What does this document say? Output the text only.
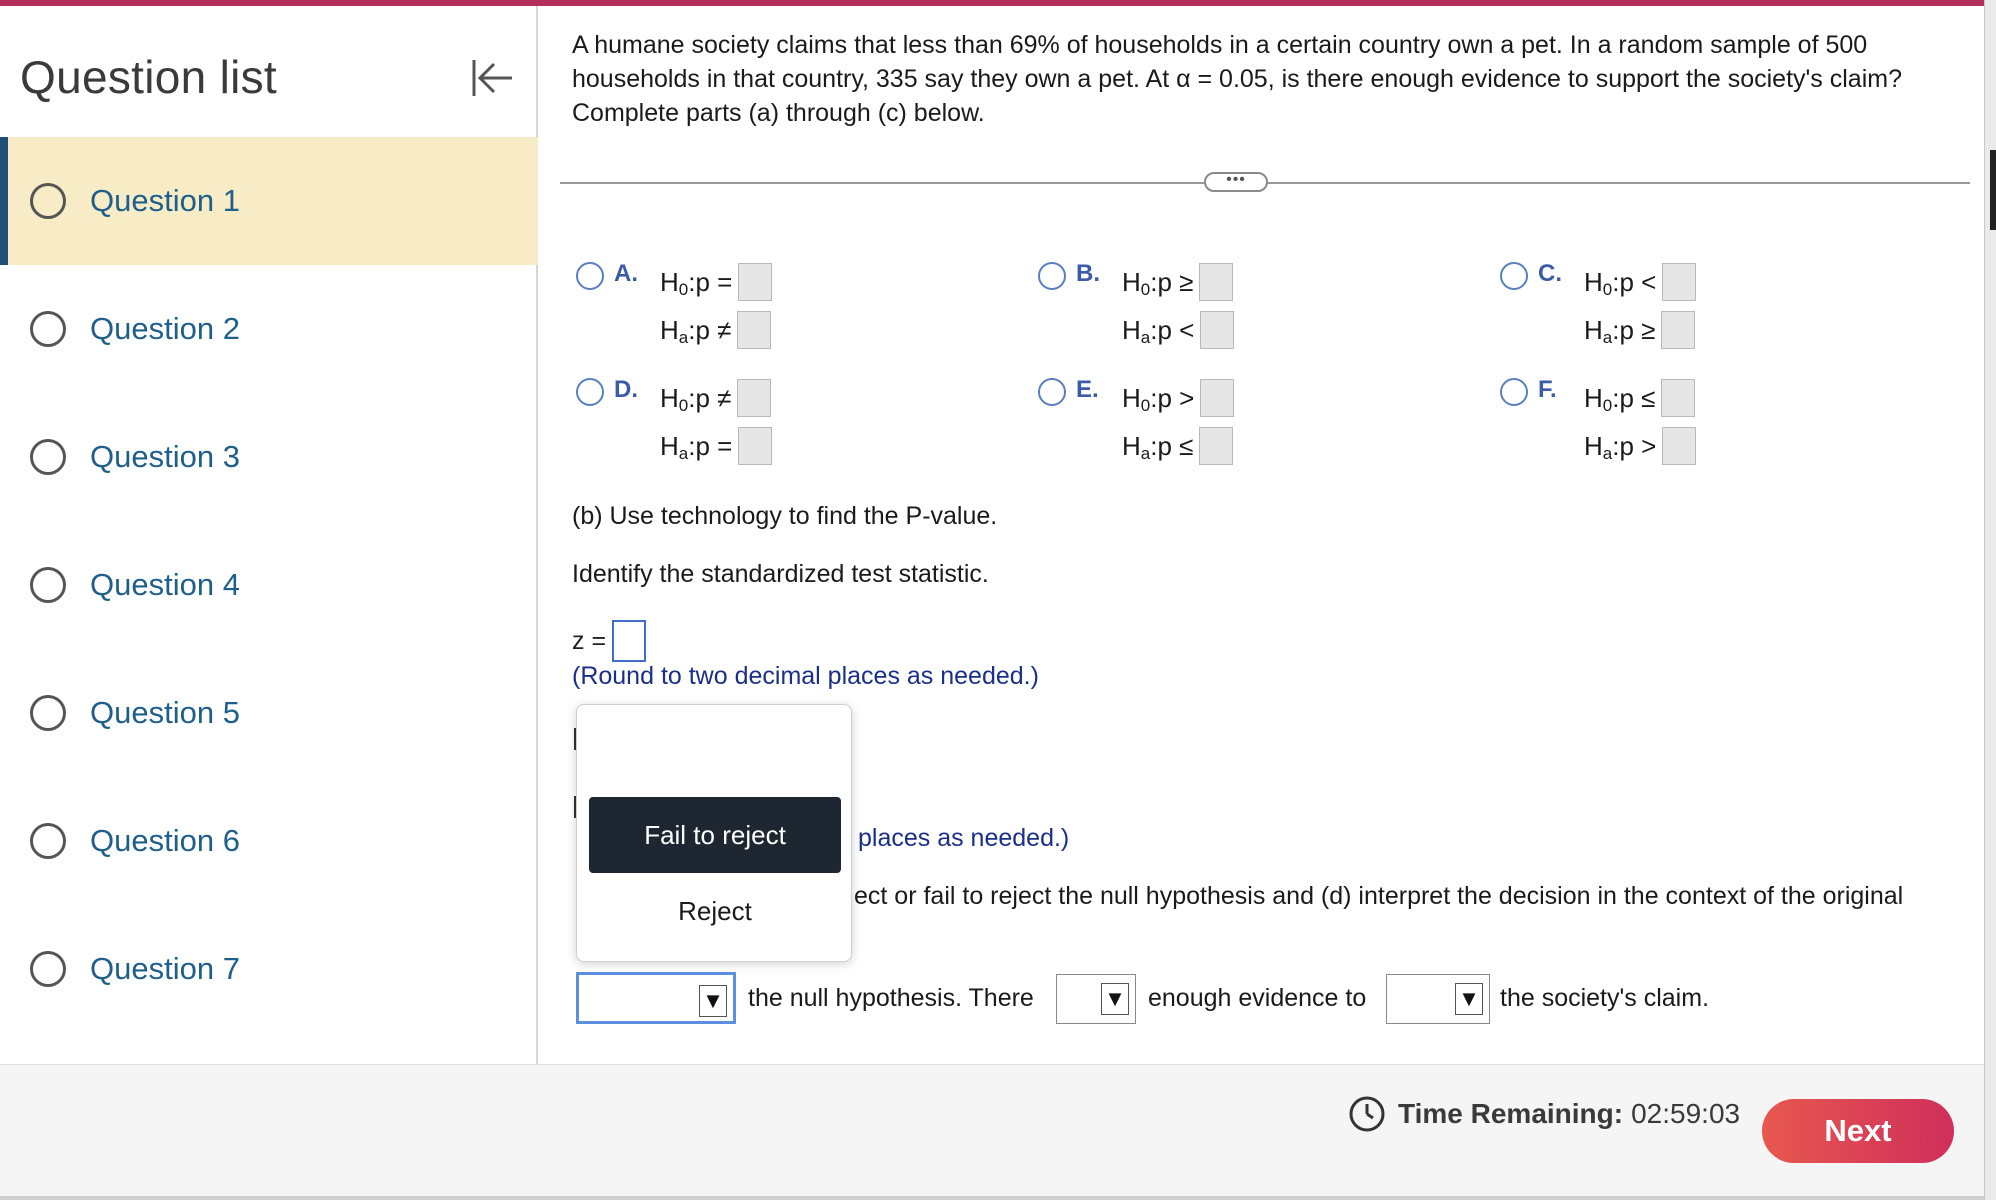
Question list
Question 1
Question 2
Question 3
Question 4
Question 5
Question 6
Question 7
A humane society claims that less than 69% of households in a certain country own a pet. In a random sample of 500 households in that country, 335 say they own a pet. At α = 0.05, is there enough evidence to support the society's claim? Complete parts (a) through (c) below.
•••
A. H 0 : p =
H a : p ≠
B. H 0 : p ≥
H a : p <
C. H 0 : p <
H a : p ≥
D. H 0 : p ≠
H a : p =
E. H 0 : p >
H a : p ≤
F. H 0 : p ≤
H a : p >
(b) Use technology to find the P-value.
Identify the standardized test statistic.
z =
(Round to two decimal places as needed.)
places as needed.)
ect or fail to reject the null hypothesis and (d) interpret the decision in the context of the original
▼ the null hypothesis. There	▼ enough evidence to	▼ the society's claim.
Fail to reject
Reject
Time Remaining: 02:59:03	Next
